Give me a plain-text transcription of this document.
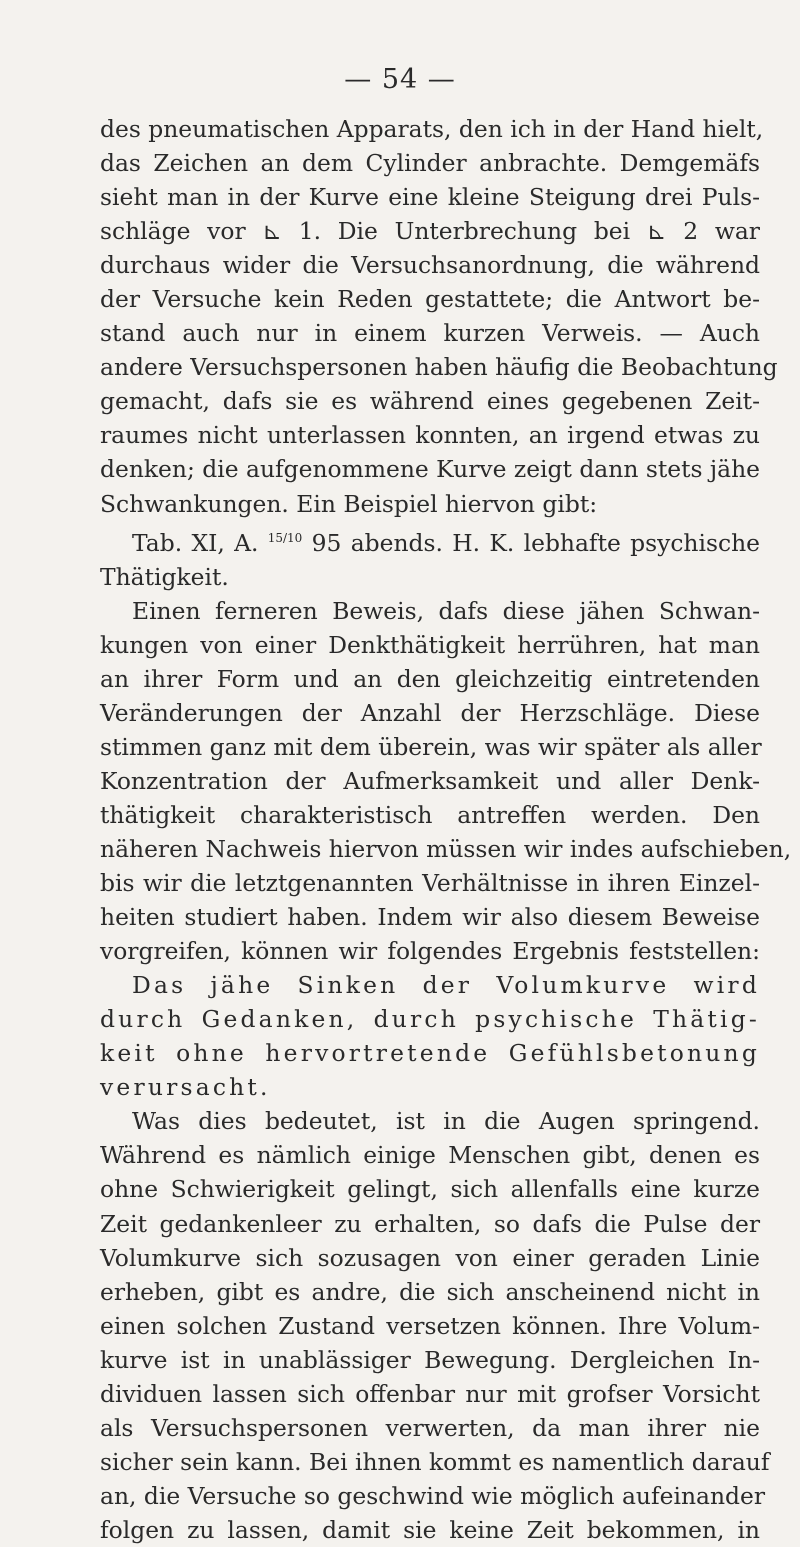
— 54 —
des pneumatischen Apparats, den ich in der Hand hielt,
das Zeichen an dem Cylinder anbrachte. Demgemäfs
sieht man in der Kurve eine kleine Steigung drei Puls-
schläge vor ⊾ 1. Die Unterbrechung bei ⊾ 2 war
durchaus wider die Versuchsanordnung, die während
der Versuche kein Reden gestattete; die Antwort be-
stand auch nur in einem kurzen Verweis. — Auch
andere Versuchspersonen haben häufig die Beobachtung
gemacht, dafs sie es während eines gegebenen Zeit-
raumes nicht unterlassen konnten, an irgend etwas zu
denken; die aufgenommene Kurve zeigt dann stets jähe
Schwankungen. Ein Beispiel hiervon gibt:
Tab. XI, A. $^{15/10}$ 95 abends. H. K. lebhafte psychische
Thätigkeit.
Einen ferneren Beweis, dafs diese jähen Schwan-
kungen von einer Denkthätigkeit herrühren, hat man
an ihrer Form und an den gleichzeitig eintretenden
Veränderungen der Anzahl der Herzschläge. Diese
stimmen ganz mit dem überein, was wir später als aller
Konzentration der Aufmerksamkeit und aller Denk-
thätigkeit charakteristisch antreffen werden. Den
näheren Nachweis hiervon müssen wir indes aufschieben,
bis wir die letztgenannten Verhältnisse in ihren Einzel-
heiten studiert haben. Indem wir also diesem Beweise
vorgreifen, können wir folgendes Ergebnis feststellen:
Das jähe Sinken der Volumkurve wird
durch Gedanken, durch psychische Thätig-
keit ohne hervortretende Gefühlsbetonung
verursacht.
Was dies bedeutet, ist in die Augen springend.
Während es nämlich einige Menschen gibt, denen es
ohne Schwierigkeit gelingt, sich allenfalls eine kurze
Zeit gedankenleer zu erhalten, so dafs die Pulse der
Volumkurve sich sozusagen von einer geraden Linie
erheben, gibt es andre, die sich anscheinend nicht in
einen solchen Zustand versetzen können. Ihre Volum-
kurve ist in unablässiger Bewegung. Dergleichen In-
dividuen lassen sich offenbar nur mit grofser Vorsicht
als Versuchspersonen verwerten, da man ihrer nie
sicher sein kann. Bei ihnen kommt es namentlich darauf
an, die Versuche so geschwind wie möglich aufeinander
folgen zu lassen, damit sie keine Zeit bekommen, in
